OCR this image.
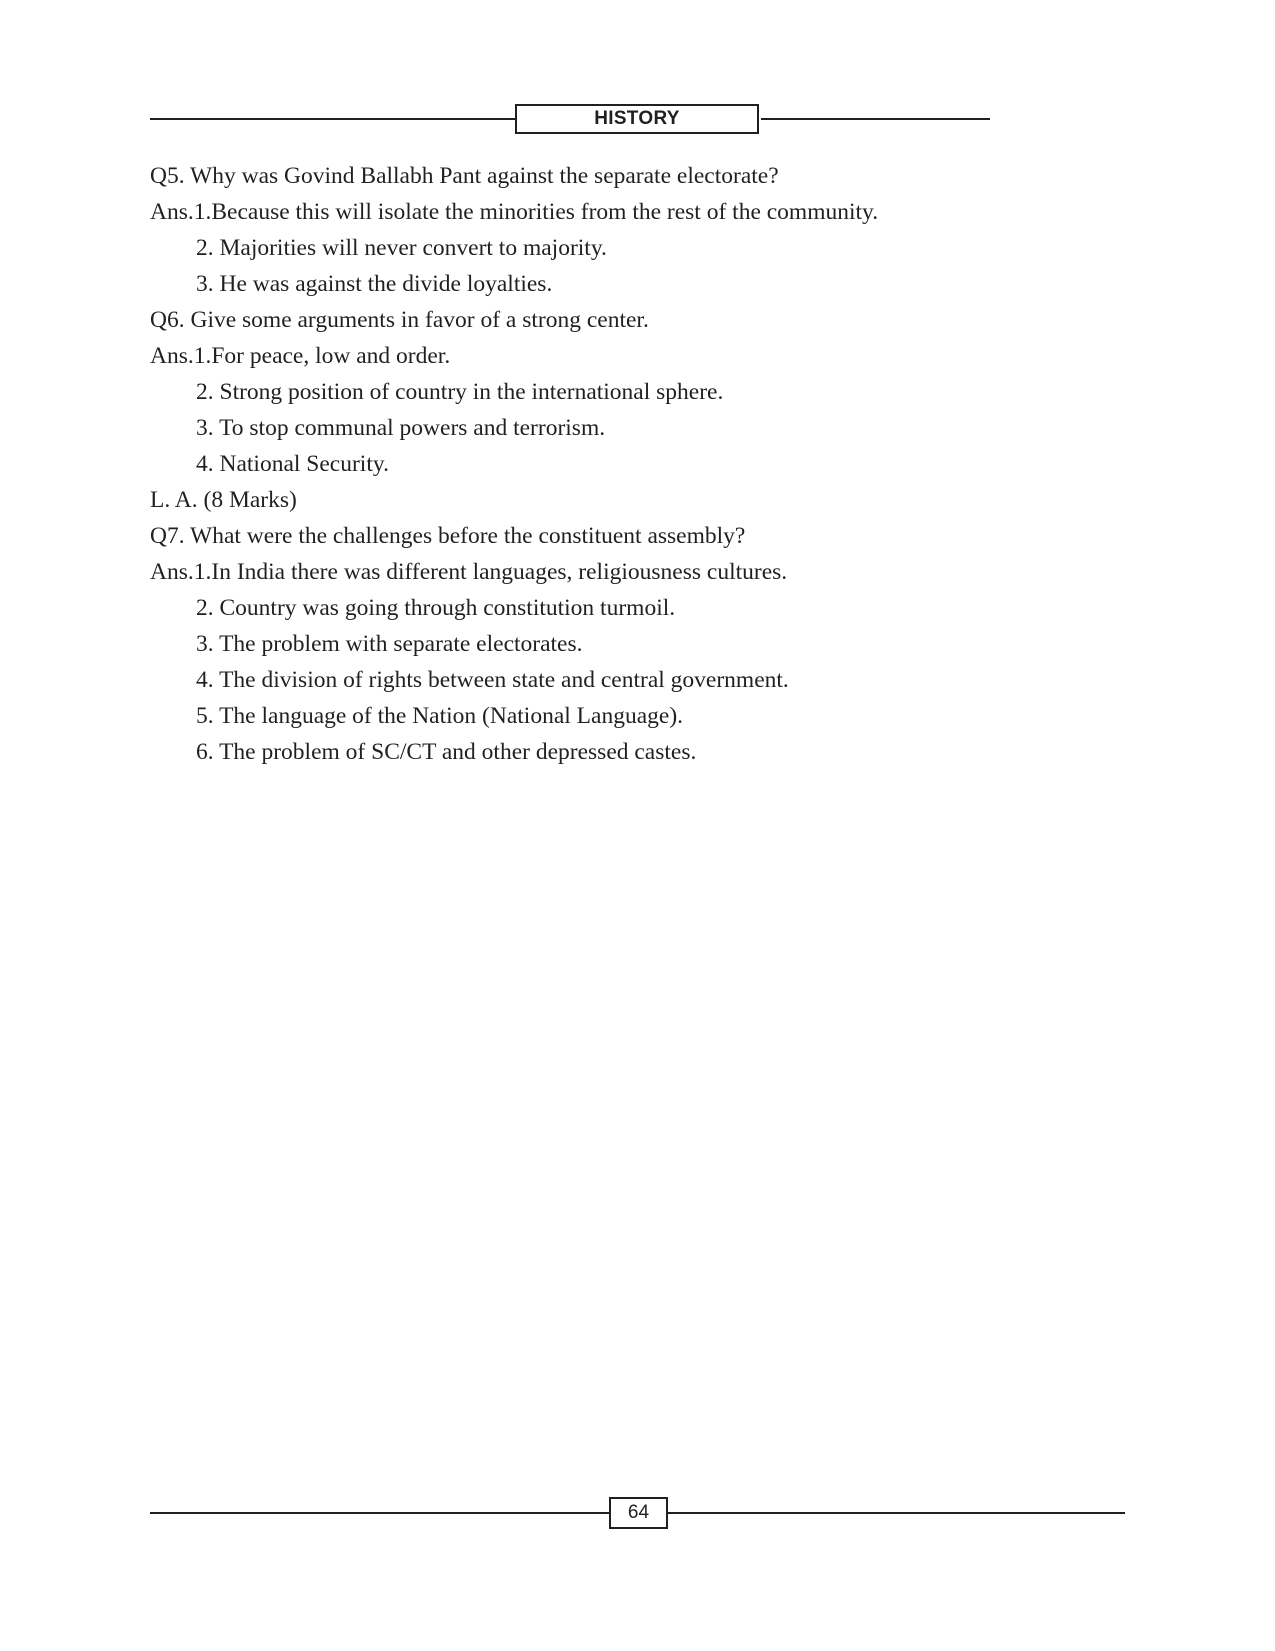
HISTORY
Q5. Why was Govind Ballabh Pant against the separate electorate?
Ans.1.Because this will isolate the minorities from the rest of the community.
2. Majorities will never convert to majority.
3. He was against the divide loyalties.
Q6. Give some arguments in favor of a strong center.
Ans.1.For peace, low and order.
2. Strong position of country in the international sphere.
3. To stop communal powers and terrorism.
4. National Security.
L. A. (8 Marks)
Q7. What were the challenges before the constituent assembly?
Ans.1.In India there was different languages, religiousness cultures.
2. Country was going through constitution turmoil.
3. The problem with separate electorates.
4. The division of rights between state and central government.
5. The language of the Nation (National Language).
6. The problem of SC/CT and other depressed castes.
64
